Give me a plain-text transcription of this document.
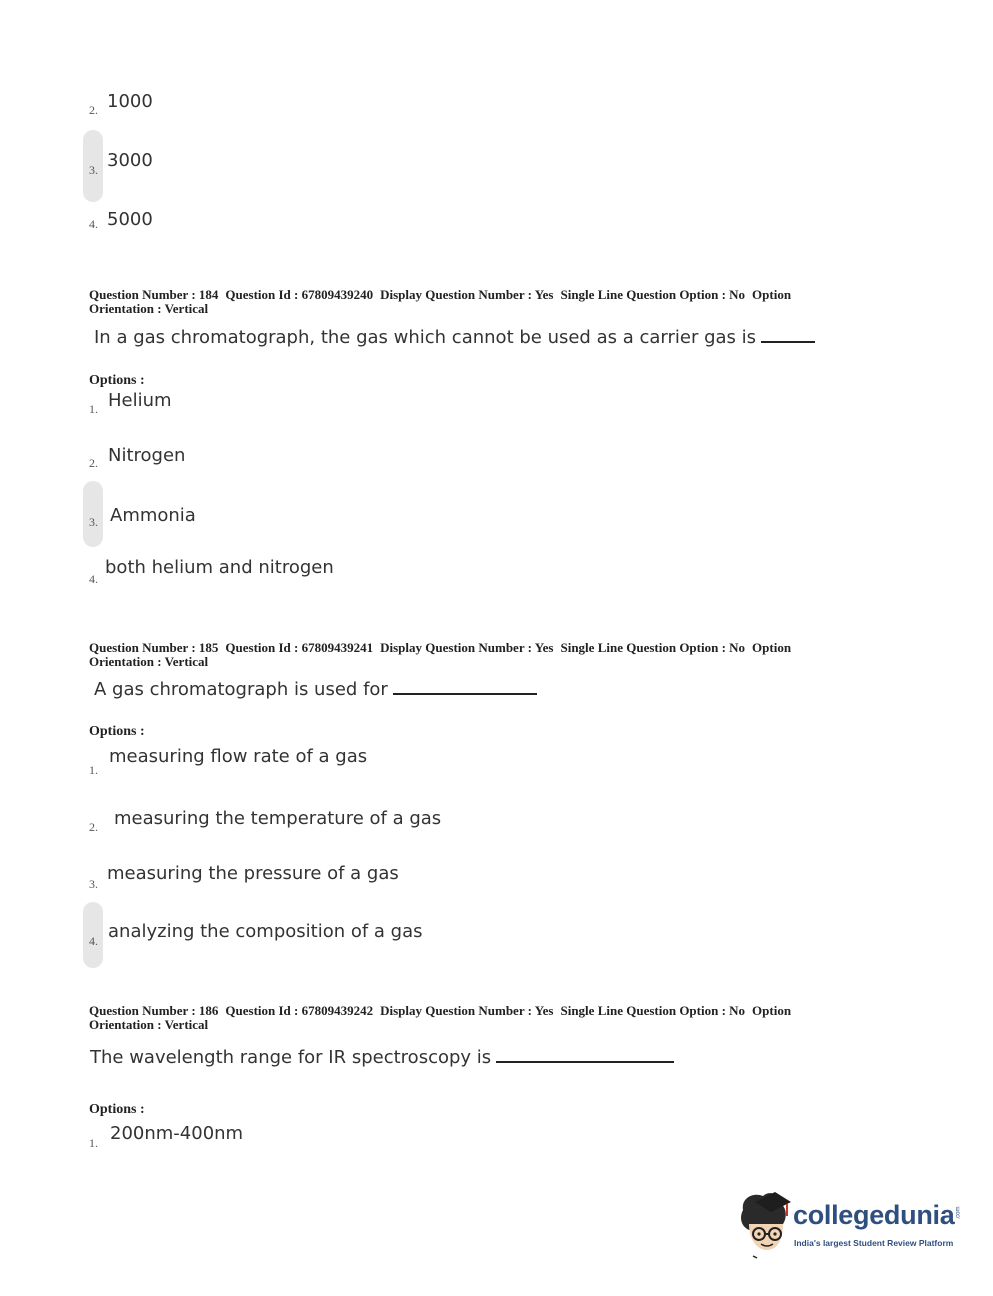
2. 1000
3. 3000
4. 5000
Question Number : 184 Question Id : 67809439240 Display Question Number : Yes Single Line Question Option : No Option
Orientation : Vertical
In a gas chromatograph, the gas which cannot be used as a carrier gas is
Options :
1. Helium
2. Nitrogen
3. Ammonia
4.
both helium and nitrogen
Question Number : 185 Question Id : 67809439241 Display Question Number : Yes Single Line Question Option : No Option
Orientation : Vertical
A gas chromatograph is used for
Options :
1.
measuring flow rate of a gas
2. measuring the temperature of a gas
3. measuring the pressure of a gas
4. analyzing the composition of a gas
Question Number : 186 Question Id : 67809439242 Display Question Number : Yes Single Line Question Option : No Option
Orientation : Vertical
The wavelength range for IR spectroscopy is
Options :
1. 200nm-400nm
collegedunia .com
India's largest Student Review Platform
